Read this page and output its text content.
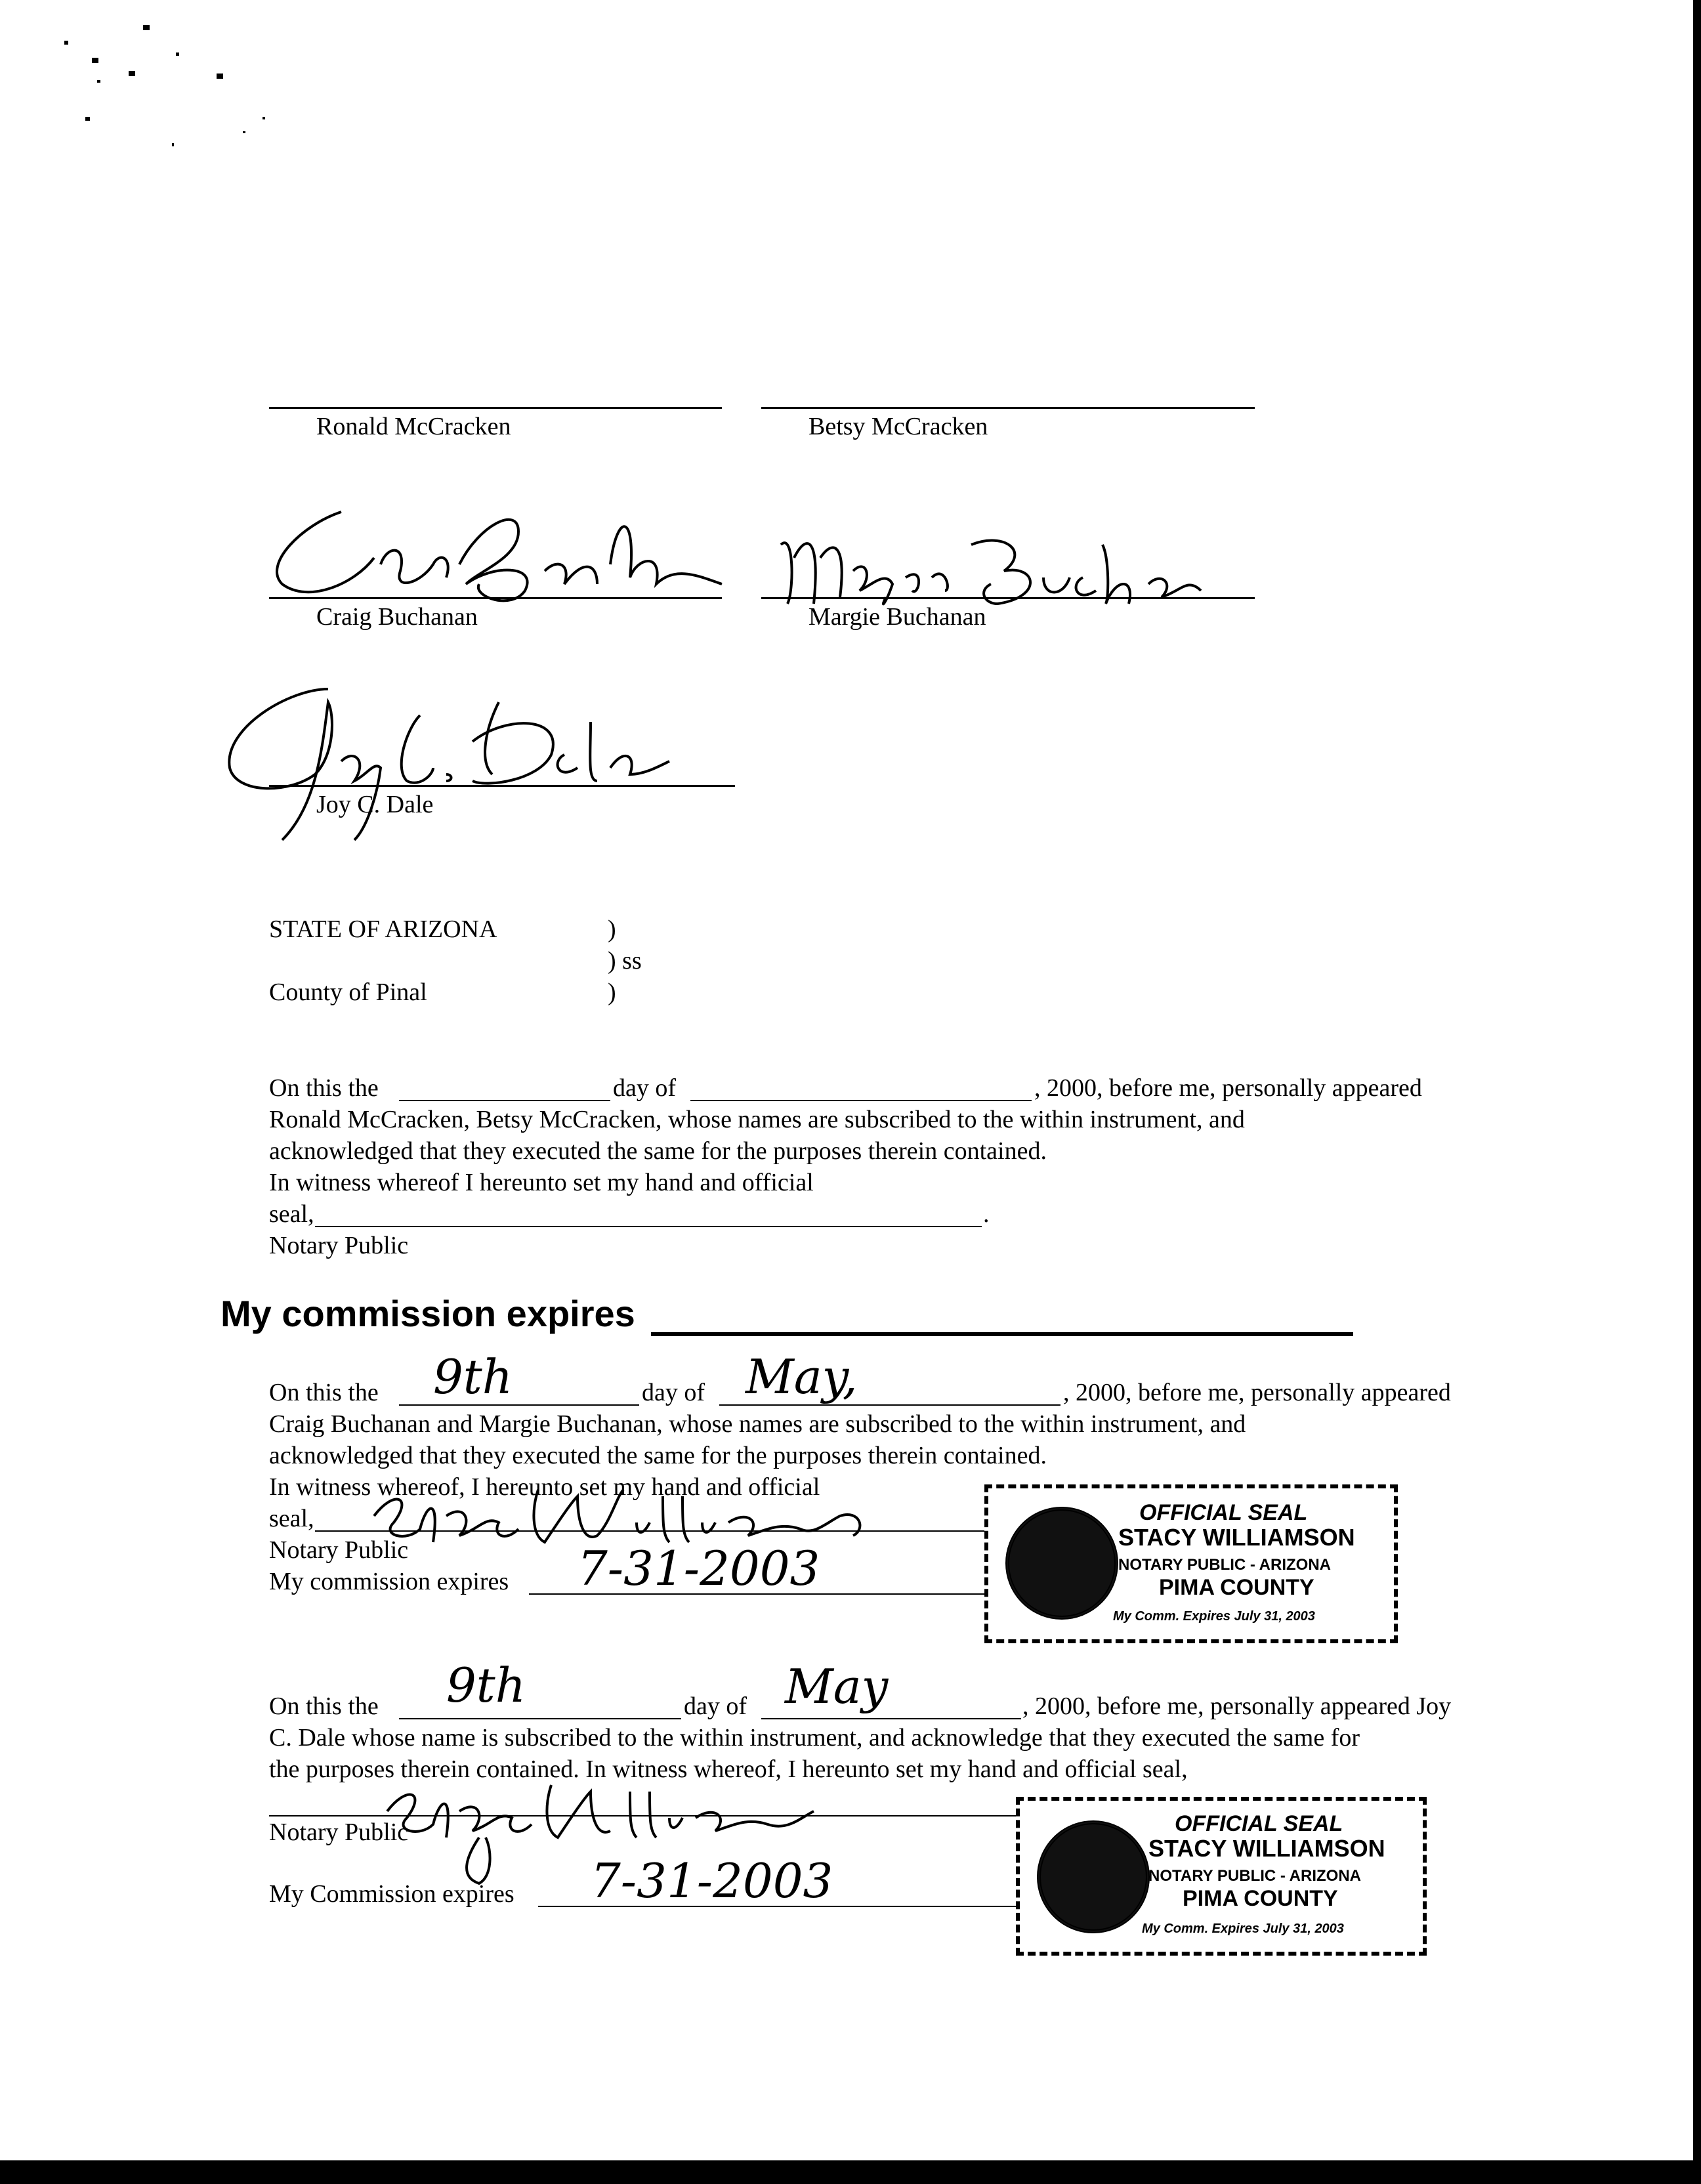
Ronald McCracken	Betsy McCracken
Craig Buchanan	Margie Buchanan
Joy C. Dale
STATE OF ARIZONA	)
) ss
County of Pinal	)
On this the	day of	, 2000, before me, personally appeared
Ronald McCracken, Betsy McCracken, whose names are subscribed to the within instrument, and
acknowledged that they executed the same for the purposes therein contained.
In witness whereof I hereunto set my hand and official
seal,	.
Notary Public
My commission expires
On this the 9th	day of May,	, 2000, before me, personally appeared
Craig Buchanan and Margie Buchanan, whose names are subscribed to the within instrument, and
acknowledged that they executed the same for the purposes therein contained.
In witness whereof, I hereunto set my hand and official
seal,
Notary Public
My commission expires 7-31-2003
OFFICIAL SEAL
STACY WILLIAMSON
NOTARY PUBLIC - ARIZONA
PIMA COUNTY
My Comm. Expires July 31, 2003
On this the 9th	day of May	, 2000, before me, personally appeared Joy
C. Dale whose name is subscribed to the within instrument, and acknowledge that they executed the same for
the purposes therein contained. In witness whereof, I hereunto set my hand and official seal,
Notary Public
My Commission expires 7-31-2003
OFFICIAL SEAL
STACY WILLIAMSON
NOTARY PUBLIC - ARIZONA
PIMA COUNTY
My Comm. Expires July 31, 2003
